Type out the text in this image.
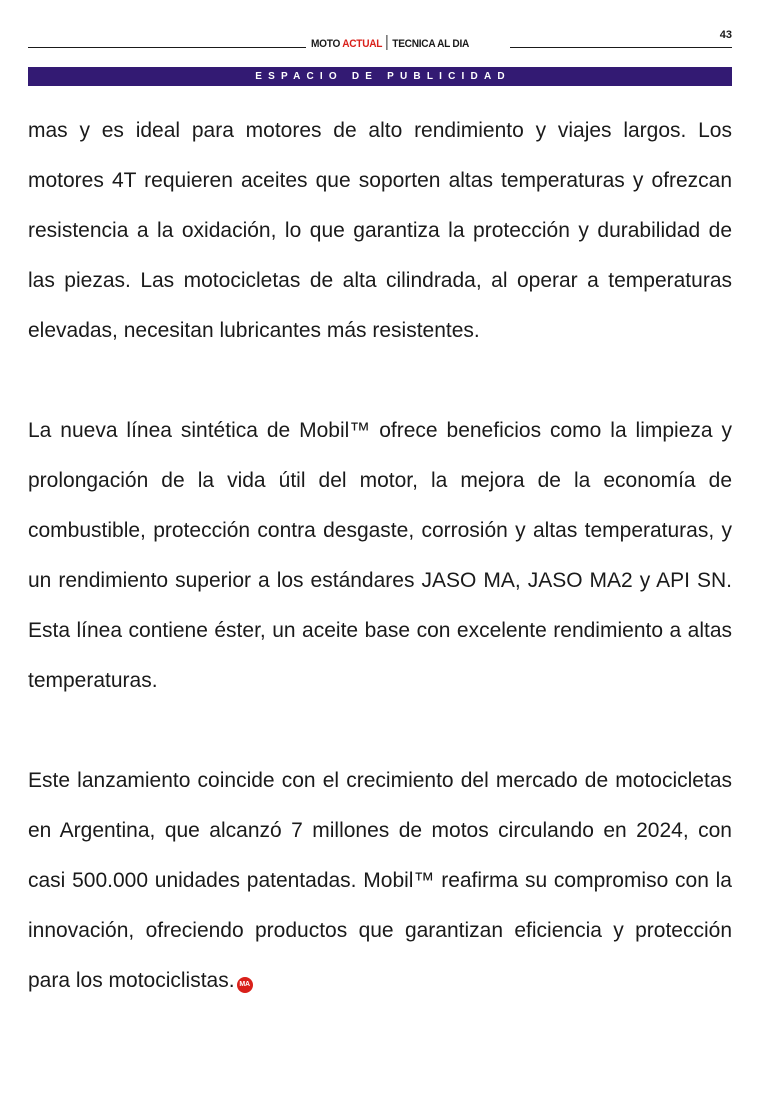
MOTO ACTUAL TECNICA AL DIA
43
ESPACIO DE PUBLICIDAD

mas y es ideal para motores de alto rendimiento y viajes largos. Los motores 4T requieren aceites que soporten altas temperaturas y ofrezcan resistencia a la oxidación, lo que garantiza la protección y durabilidad de las piezas. Las motocicletas de alta cilindrada, al operar a temperaturas elevadas, necesitan lubricantes más resistentes.

La nueva línea sintética de Mobil™ ofrece beneficios como la limpieza y prolongación de la vida útil del motor, la mejora de la economía de combustible, protección contra desgaste, corrosión y altas temperaturas, y un rendimiento superior a los estándares JASO MA, JASO MA2 y API SN. Esta línea contiene éster, un aceite base con excelente rendimiento a altas temperaturas.

Este lanzamiento coincide con el crecimiento del mercado de motocicletas en Argentina, que alcanzó 7 millones de motos circulando en 2024, con casi 500.000 unidades patentadas. Mobil™ reafirma su compromiso con la innovación, ofreciendo productos que garantizan eficiencia y protección para los motociclistas. MA
